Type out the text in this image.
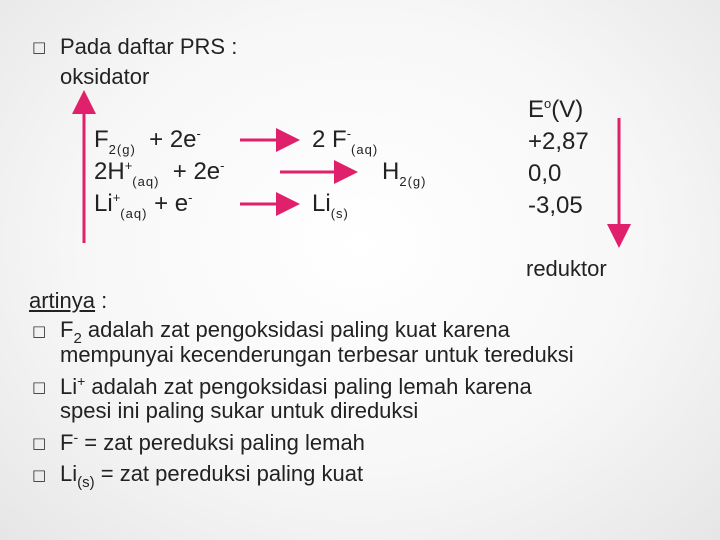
□ Pada daftar PRS :
oksidator
$F_{2(g)} + 2e^-$
$2H^+_{(aq)} + 2e^-$
$Li^+_{(aq)} + e^-$
2 $F^-_{(aq)}$
$H_{2(g)}$
$Li_{(s)}$
$E^o(V)$
+2,87
0,0
-3,05
reduktor
artinya :
□ $F_2$ adalah zat pengoksidasi paling kuat karena
mempunyai kecenderungan terbesar untuk tereduksi
□ Li+ adalah zat pengoksidasi paling lemah karena
spesi ini paling sukar untuk direduksi
□ F- = zat pereduksi paling lemah
□ $Li_{(s)}$ = zat pereduksi paling kuat
